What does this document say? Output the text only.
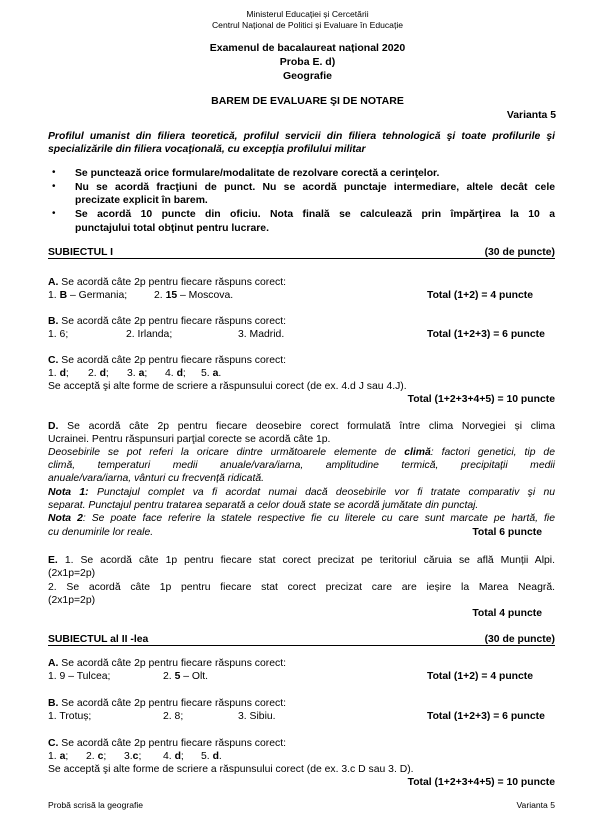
Ministerul Educației și Cercetării
Centrul Național de Politici și Evaluare în Educație
Examenul de bacalaureat național 2020
Proba E. d)
Geografie
BAREM DE EVALUARE ŞI DE NOTARE
Varianta 5
Profilul umanist din filiera teoretică, profilul servicii din filiera tehnologică şi toate profilurile şi
specializările din filiera vocaţională, cu excepţia profilului militar
• Se punctează orice formulare/modalitate de rezolvare corectă a cerinţelor.
• Nu se acordă fracţiuni de punct. Nu se acordă punctaje intermediare, altele decât cele
precizate explicit în barem.
• Se acordă 10 puncte din oficiu. Nota finală se calculează prin împărţirea la 10 a
punctajului total obţinut pentru lucrare.
SUBIECTUL I	(30 de puncte)
A. Se acordă câte 2p pentru fiecare răspuns corect:
1. B – Germania;	2. 15 – Moscova.	Total (1+2) = 4 puncte
B. Se acordă câte 2p pentru fiecare răspuns corect:
1. 6;	2. Irlanda;	3. Madrid.	Total (1+2+3) = 6 puncte
C. Se acordă câte 2p pentru fiecare răspuns corect:
1. d; 2. d; 3. a; 4. d; 5. a.
Se acceptă şi alte forme de scriere a răspunsului corect (de ex. 4.d J sau 4.J).
Total (1+2+3+4+5) = 10 puncte
D. Se acordă câte 2p pentru fiecare deosebire corect formulată între clima Norvegiei și clima
Ucrainei. Pentru răspunsuri parţial corecte se acordă câte 1p.
Deosebirile se pot referi la oricare dintre următoarele elemente de climă: factori genetici, tip de
climă, temperaturi medii anuale/vara/iarna, amplitudine termică, precipitații medii
anuale/vara/iarna, vânturi cu frecvență ridicată.
Nota 1: Punctajul complet va fi acordat numai dacă deosebirile vor fi tratate comparativ şi nu
separat. Punctajul pentru tratarea separată a celor două state se acordă jumătate din punctaj.
Nota 2: Se poate face referire la statele respective fie cu literele cu care sunt marcate pe hartă, fie
cu denumirile lor reale.	Total 6 puncte
E. 1. Se acordă câte 1p pentru fiecare stat corect precizat pe teritoriul căruia se află Munții Alpi.
(2x1p=2p)
2. Se acordă câte 1p pentru fiecare stat corect precizat care are ieșire la Marea Neagră.
(2x1p=2p)
Total 4 puncte
SUBIECTUL al II -lea	(30 de puncte)
A. Se acordă câte 2p pentru fiecare răspuns corect:
1. 9 – Tulcea;	2. 5 – Olt.	Total (1+2) = 4 puncte
B. Se acordă câte 2p pentru fiecare răspuns corect:
1. Trotuș;	2. 8;	3. Sibiu.	Total (1+2+3) = 6 puncte
C. Se acordă câte 2p pentru fiecare răspuns corect:
1. a; 2. c; 3.c; 4. d; 5. d.
Se acceptă şi alte forme de scriere a răspunsului corect (de ex. 3.c D sau 3. D).
Total (1+2+3+4+5) = 10 puncte
Probă scrisă la geografie	Varianta 5
